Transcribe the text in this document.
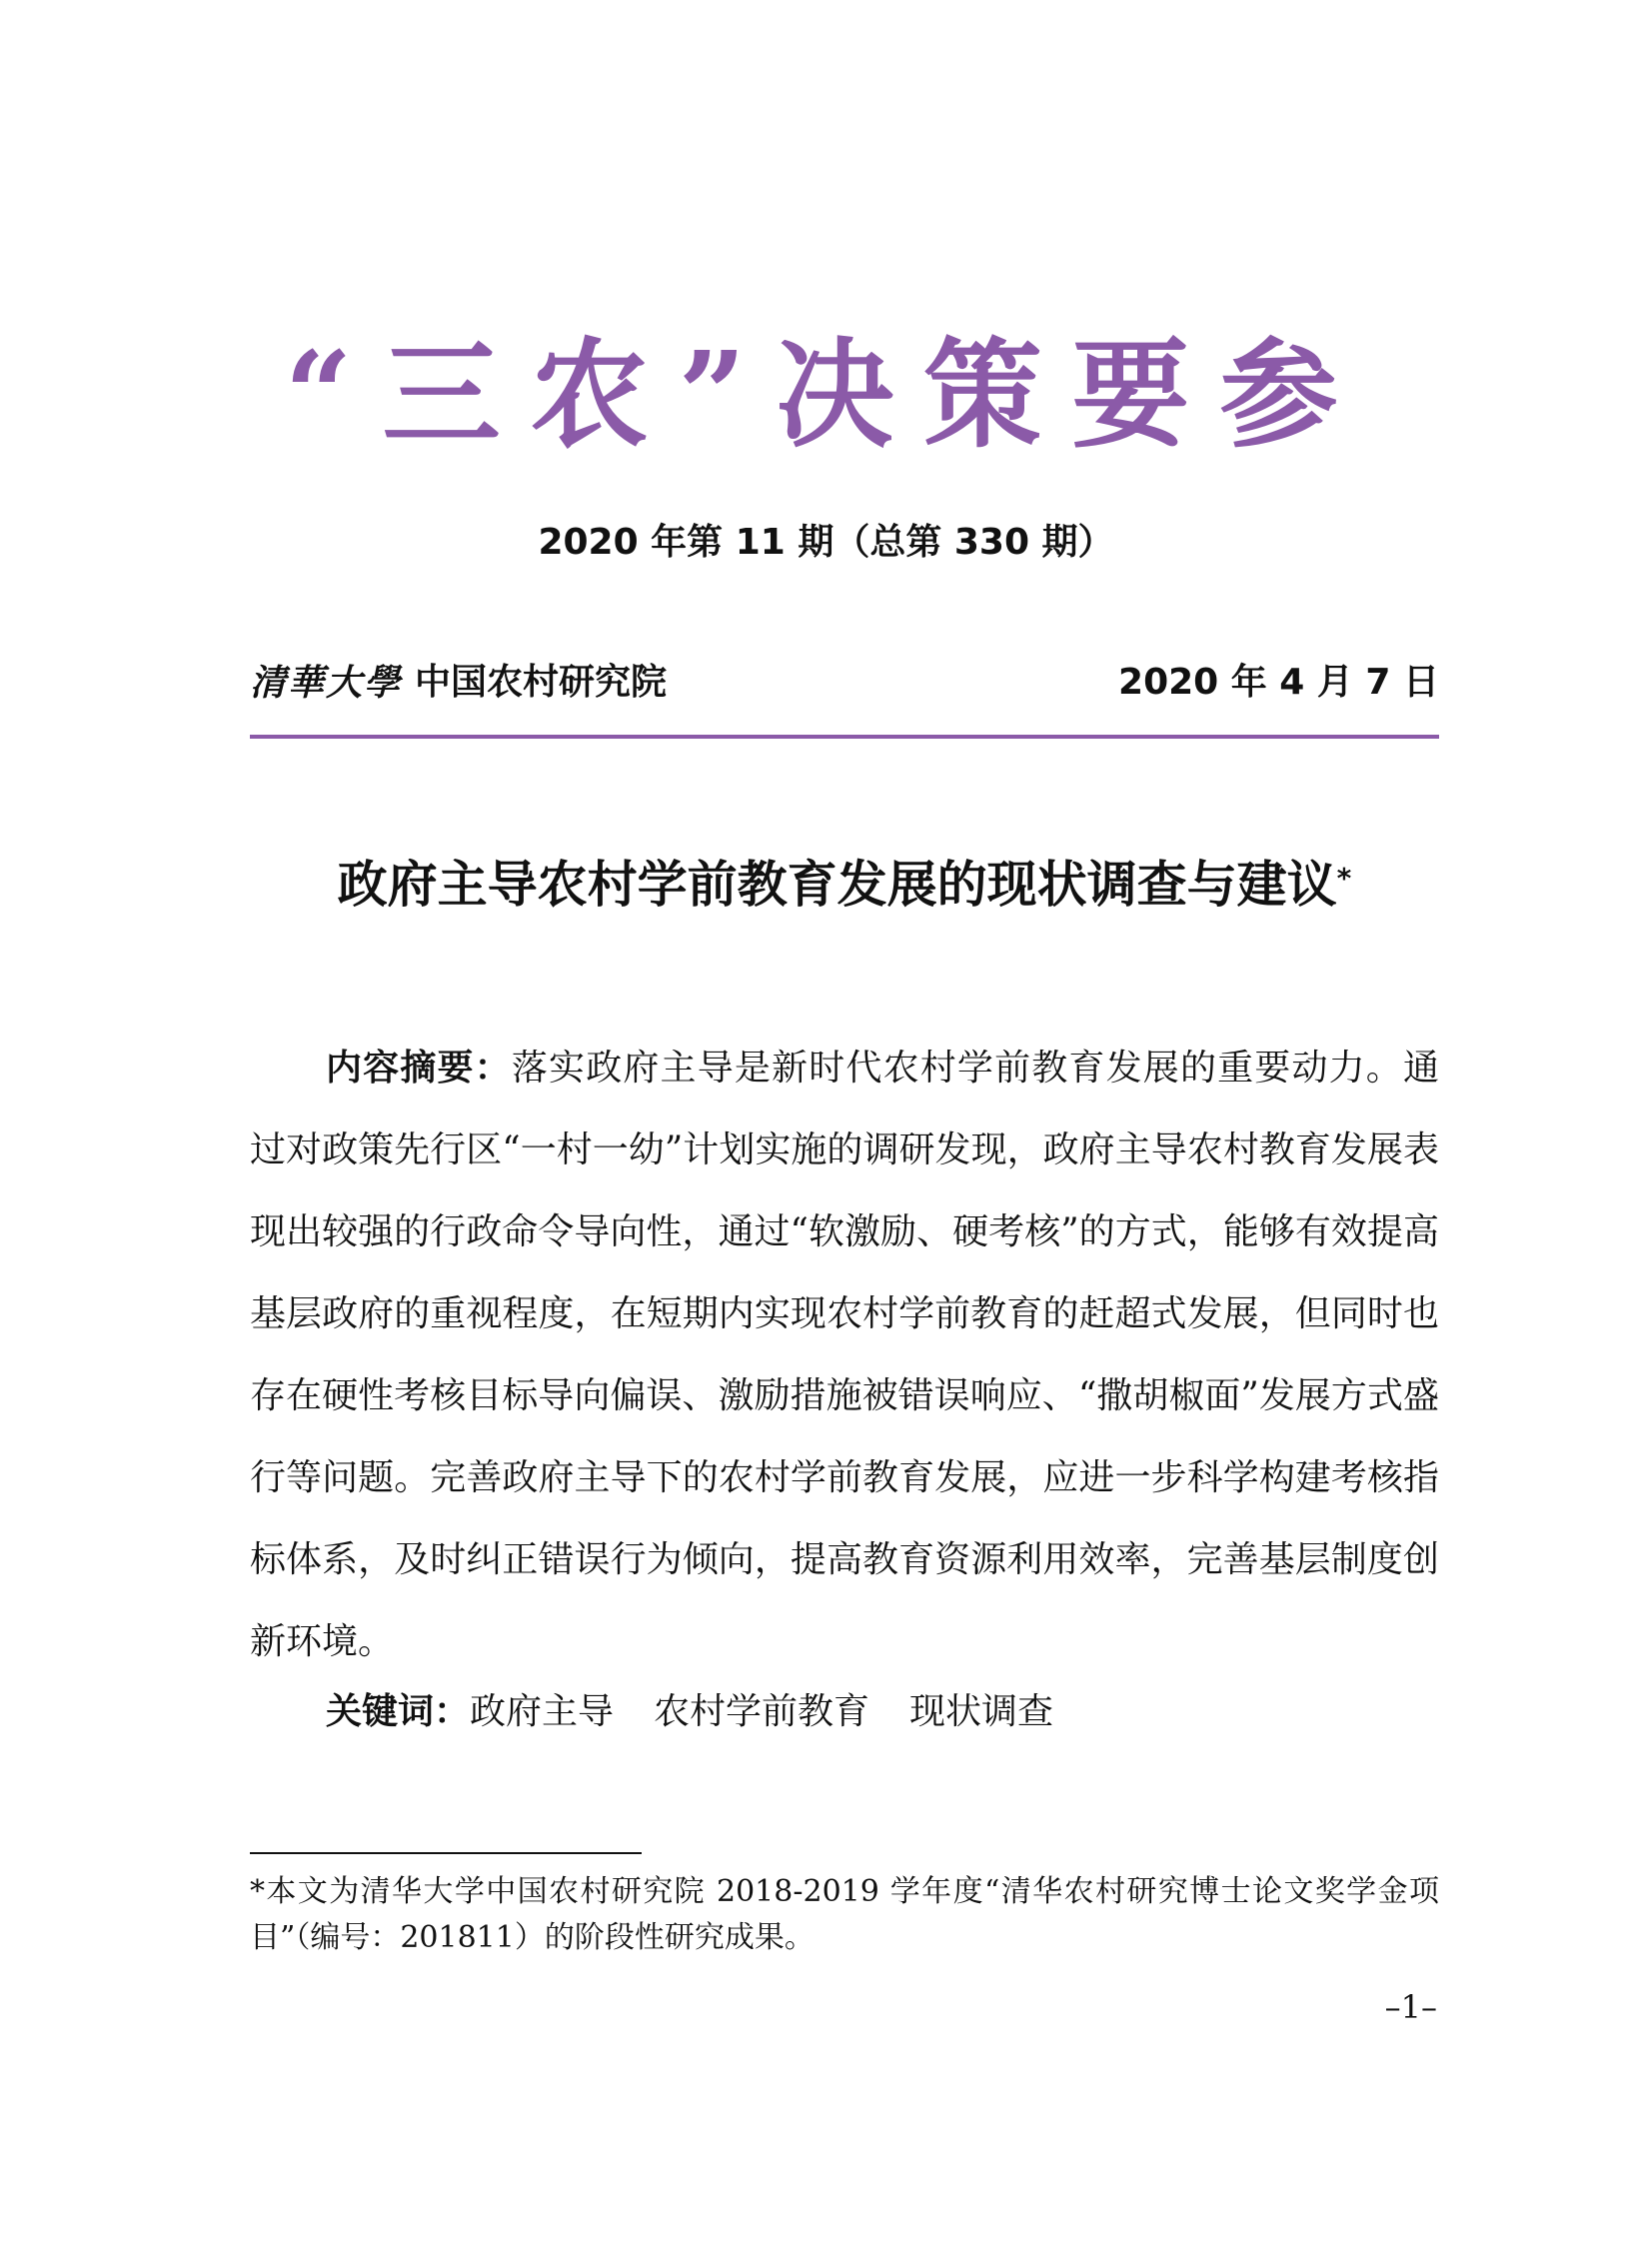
“三农”决策要参
2020 年第 11 期（总第 330 期）
清華大學 中国农村研究院	2020 年 4 月 7 日
政府主导农村学前教育发展的现状调查与建议*

内容摘要：落实政府主导是新时代农村学前教育发展的重要动力。通过对政策先行区“一村一幼”计划实施的调研发现，政府主导农村教育发展表现出较强的行政命令导向性，通过“软激励、硬考核”的方式，能够有效提高基层政府的重视程度，在短期内实现农村学前教育的赶超式发展，但同时也存在硬性考核目标导向偏误、激励措施被错误响应、“撒胡椒面”发展方式盛行等问题。完善政府主导下的农村学前教育发展，应进一步科学构建考核指标体系，及时纠正错误行为倾向，提高教育资源利用效率，完善基层制度创新环境。

关键词：政府主导 农村学前教育 现状调查

*本文为清华大学中国农村研究院 2018-2019 学年度“清华农村研究博士论文奖学金项目”（编号：201811）的阶段性研究成果。

–1–
